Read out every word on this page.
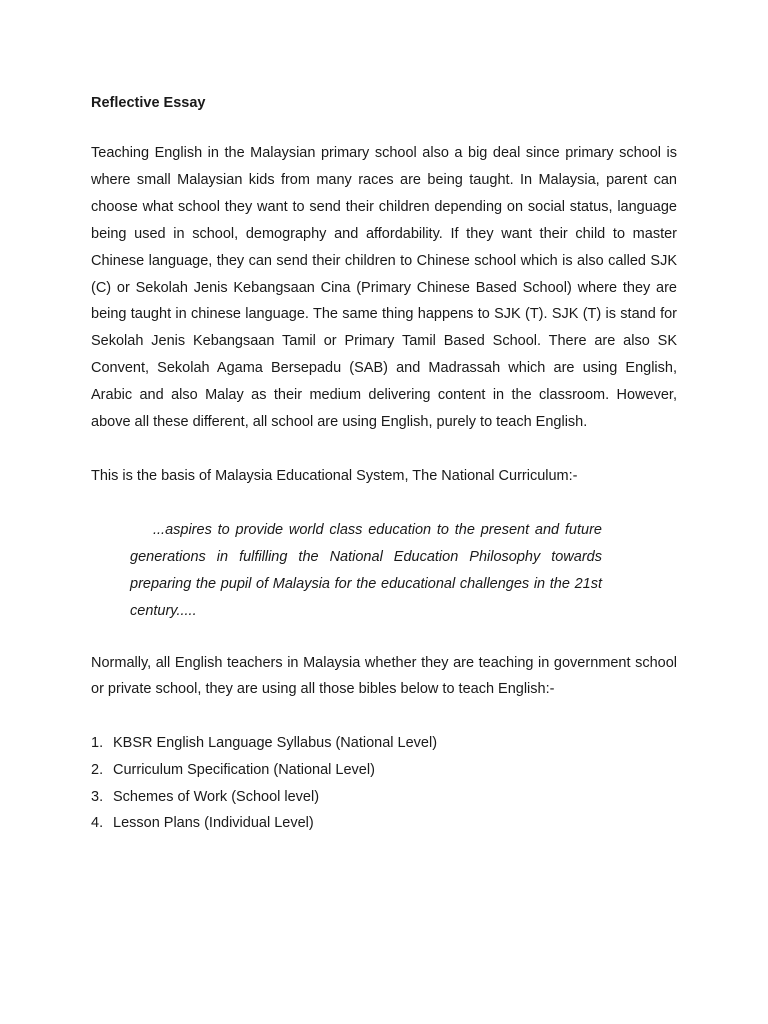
Reflective Essay

Teaching English in the Malaysian primary school also a big deal since primary school is where small Malaysian kids from many races are being taught. In Malaysia, parent can choose what school they want to send their children depending on social status, language being used in school, demography and affordability. If they want their child to master Chinese language, they can send their children to Chinese school which is also called SJK (C) or Sekolah Jenis Kebangsaan Cina (Primary Chinese Based School) where they are being taught in chinese language. The same thing happens to SJK (T). SJK (T) is stand for Sekolah Jenis Kebangsaan Tamil or Primary Tamil Based School. There are also SK Convent, Sekolah Agama Bersepadu (SAB) and Madrassah which are using English, Arabic and also Malay as their medium delivering content in the classroom. However, above all these different, all school are using English, purely to teach English.

This is the basis of Malaysia Educational System, The National Curriculum:-

...aspires to provide world class education to the present and future generations in fulfilling the National Education Philosophy towards preparing the pupil of Malaysia for the educational challenges in the 21st century.....

Normally, all English teachers in Malaysia whether they are teaching in government school or private school, they are using all those bibles below to teach English:-

1. KBSR English Language Syllabus (National Level)
2. Curriculum Specification (National Level)
3. Schemes of Work (School level)
4. Lesson Plans (Individual Level)
